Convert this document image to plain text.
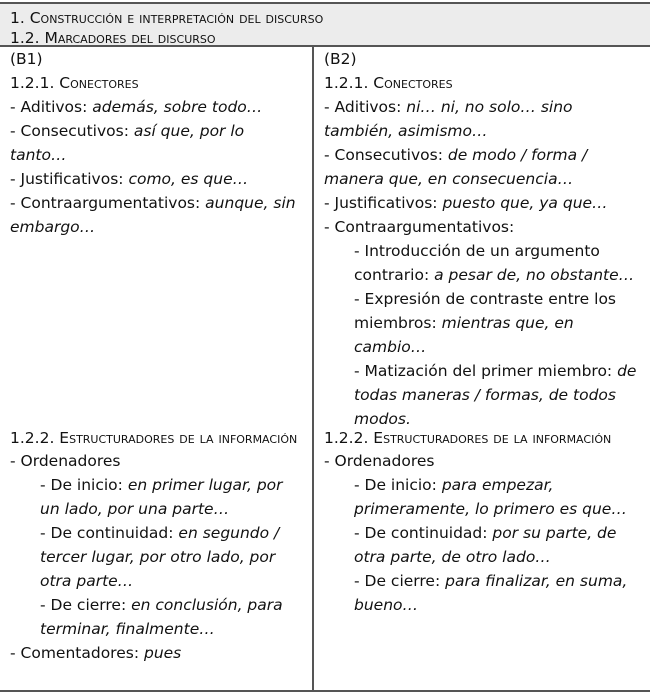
1. Construcción e interpretación del discurso
1.2. Marcadores del discurso
(B1)
1.2.1. Conectores
- Aditivos: además, sobre todo…
- Consecutivos: así que, por lo tanto…
- Justificativos: como, es que…
- Contraargumentativos: aunque, sin embargo…
1.2.2. Estructuradores de la información
- Ordenadores
- De inicio: en primer lugar, por un lado, por una parte…
- De continuidad: en segundo / tercer lugar, por otro lado, por otra parte…
- De cierre: en conclusión, para terminar, finalmente…
- Comentadores: pues
(B2)
1.2.1. Conectores
- Aditivos: ni… ni, no solo… sino también, asimismo…
- Consecutivos: de modo / forma / manera que, en consecuencia…
- Justificativos: puesto que, ya que…
- Contraargumentativos:
- Introducción de un argumento contrario: a pesar de, no obstante…
- Expresión de contraste entre los miembros: mientras que, en cambio…
- Matización del primer miembro: de todas maneras / formas, de todos modos.
1.2.2. Estructuradores de la información
- Ordenadores
- De inicio: para empezar, primeramente, lo primero es que…
- De continuidad: por su parte, de otra parte, de otro lado…
- De cierre: para finalizar, en suma, bueno…
